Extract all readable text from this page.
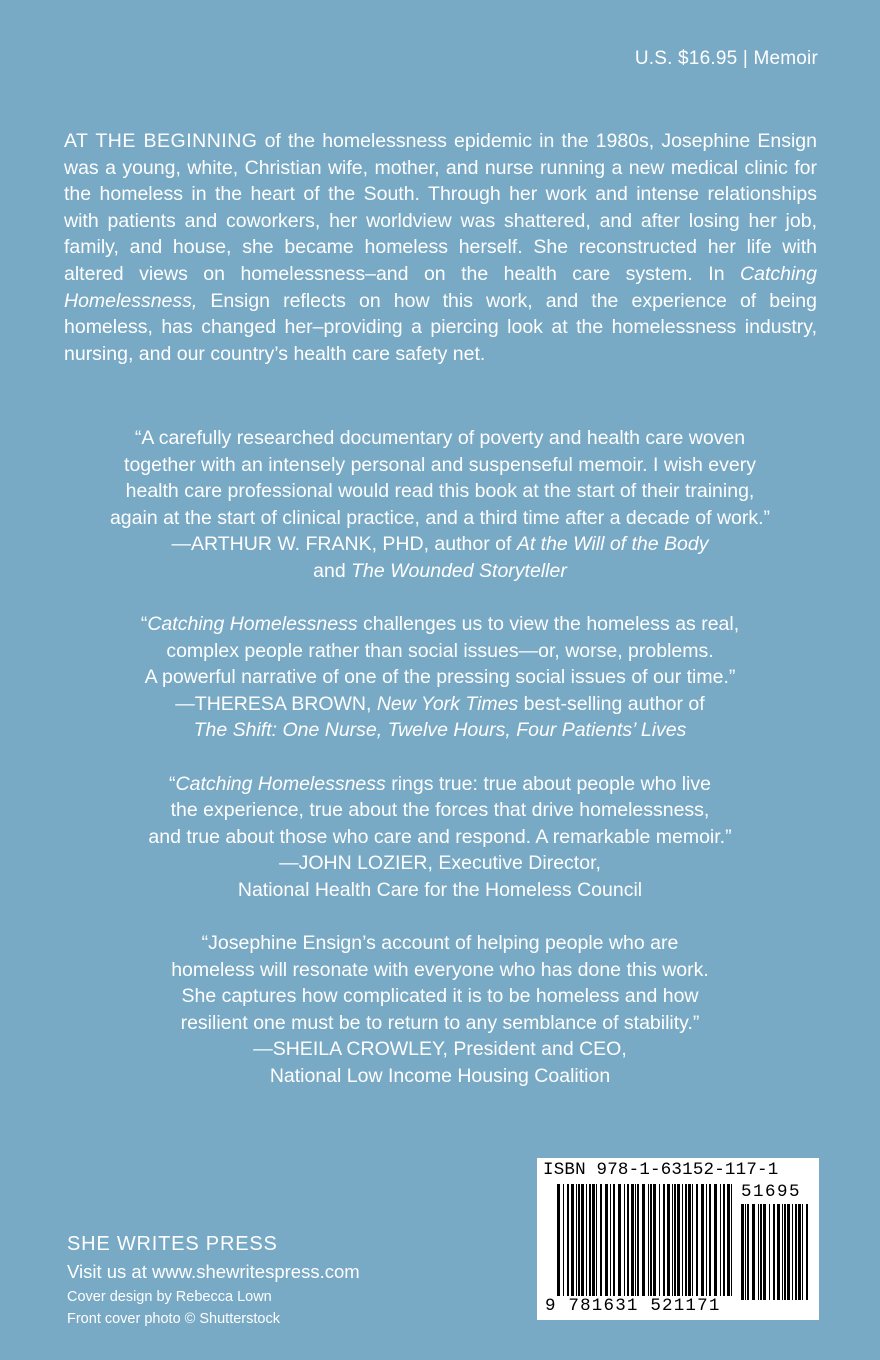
U.S. $16.95 | Memoir
AT THE BEGINNING of the homelessness epidemic in the 1980s, Josephine Ensign was a young, white, Christian wife, mother, and nurse running a new medical clinic for the homeless in the heart of the South. Through her work and intense relationships with patients and coworkers, her worldview was shattered, and after losing her job, family, and house, she became homeless herself. She reconstructed her life with altered views on homelessness–and on the health care system. In Catching Homelessness, Ensign reflects on how this work, and the experience of being homeless, has changed her–providing a piercing look at the homelessness industry, nursing, and our country’s health care safety net.

“A carefully researched documentary of poverty and health care woven

together with an intensely personal and suspenseful memoir. I wish every

health care professional would read this book at the start of their training,

again at the start of clinical practice, and a third time after a decade of work.”

—ARTHUR W. FRANK, PHD, author of At the Will of the Body

and The Wounded Storyteller

“Catching Homelessness challenges us to view the homeless as real,

complex people rather than social issues—or, worse, problems.

A powerful narrative of one of the pressing social issues of our time.”

—THERESA BROWN, New York Times best-selling author of

The Shift: One Nurse, Twelve Hours, Four Patients’ Lives

“Catching Homelessness rings true: true about people who live

the experience, true about the forces that drive homelessness,

and true about those who care and respond. A remarkable memoir.”

—JOHN LOZIER, Executive Director,

National Health Care for the Homeless Council

“Josephine Ensign’s account of helping people who are

homeless will resonate with everyone who has done this work.

She captures how complicated it is to be homeless and how

resilient one must be to return to any semblance of stability.”

—SHEILA CROWLEY, President and CEO,

National Low Income Housing Coalition

SHE WRITES PRESS
Visit us at www.shewritespress.com
Cover design by Rebecca Lown
Front cover photo © Shutterstock
ISBN 978-1-63152-117-1
51695
9 781631 521171
